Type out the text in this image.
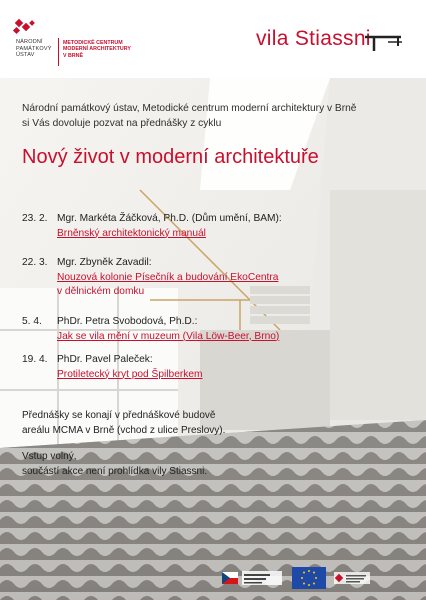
NÁRODNÍ
PAMÁTKOVÝ
ÚSTAV
METODICKÉ CENTRUM
MODERNÍ ARCHITEKTURY
V BRNĚ
vila Stiassni
Národní památkový ústav, Metodické centrum moderní architektury v Brně
si Vás dovoluje pozvat na přednášky z cyklu
Nový život v moderní architektuře
23. 2. Mgr. Markéta Žáčková, Ph.D. (Dům umění, BAM):
Brněnský architektonický manuál
22. 3. Mgr. Zbyněk Zavadil:
Nouzová kolonie Písečník a budování EkoCentra
v dělnickém domku
5. 4. PhDr. Petra Svobodová, Ph.D.:
Jak se vila mění v muzeum (Vila Löw-Beer, Brno)
19. 4. PhDr. Pavel Paleček:
Protiletecký kryt pod Špilberkem
Přednášky se konají v přednáškové budově
areálu MCMA v Brně (vchod z ulice Preslovy).
Vstup volný,
součástí akce není prohlídka vily Stiassni.
